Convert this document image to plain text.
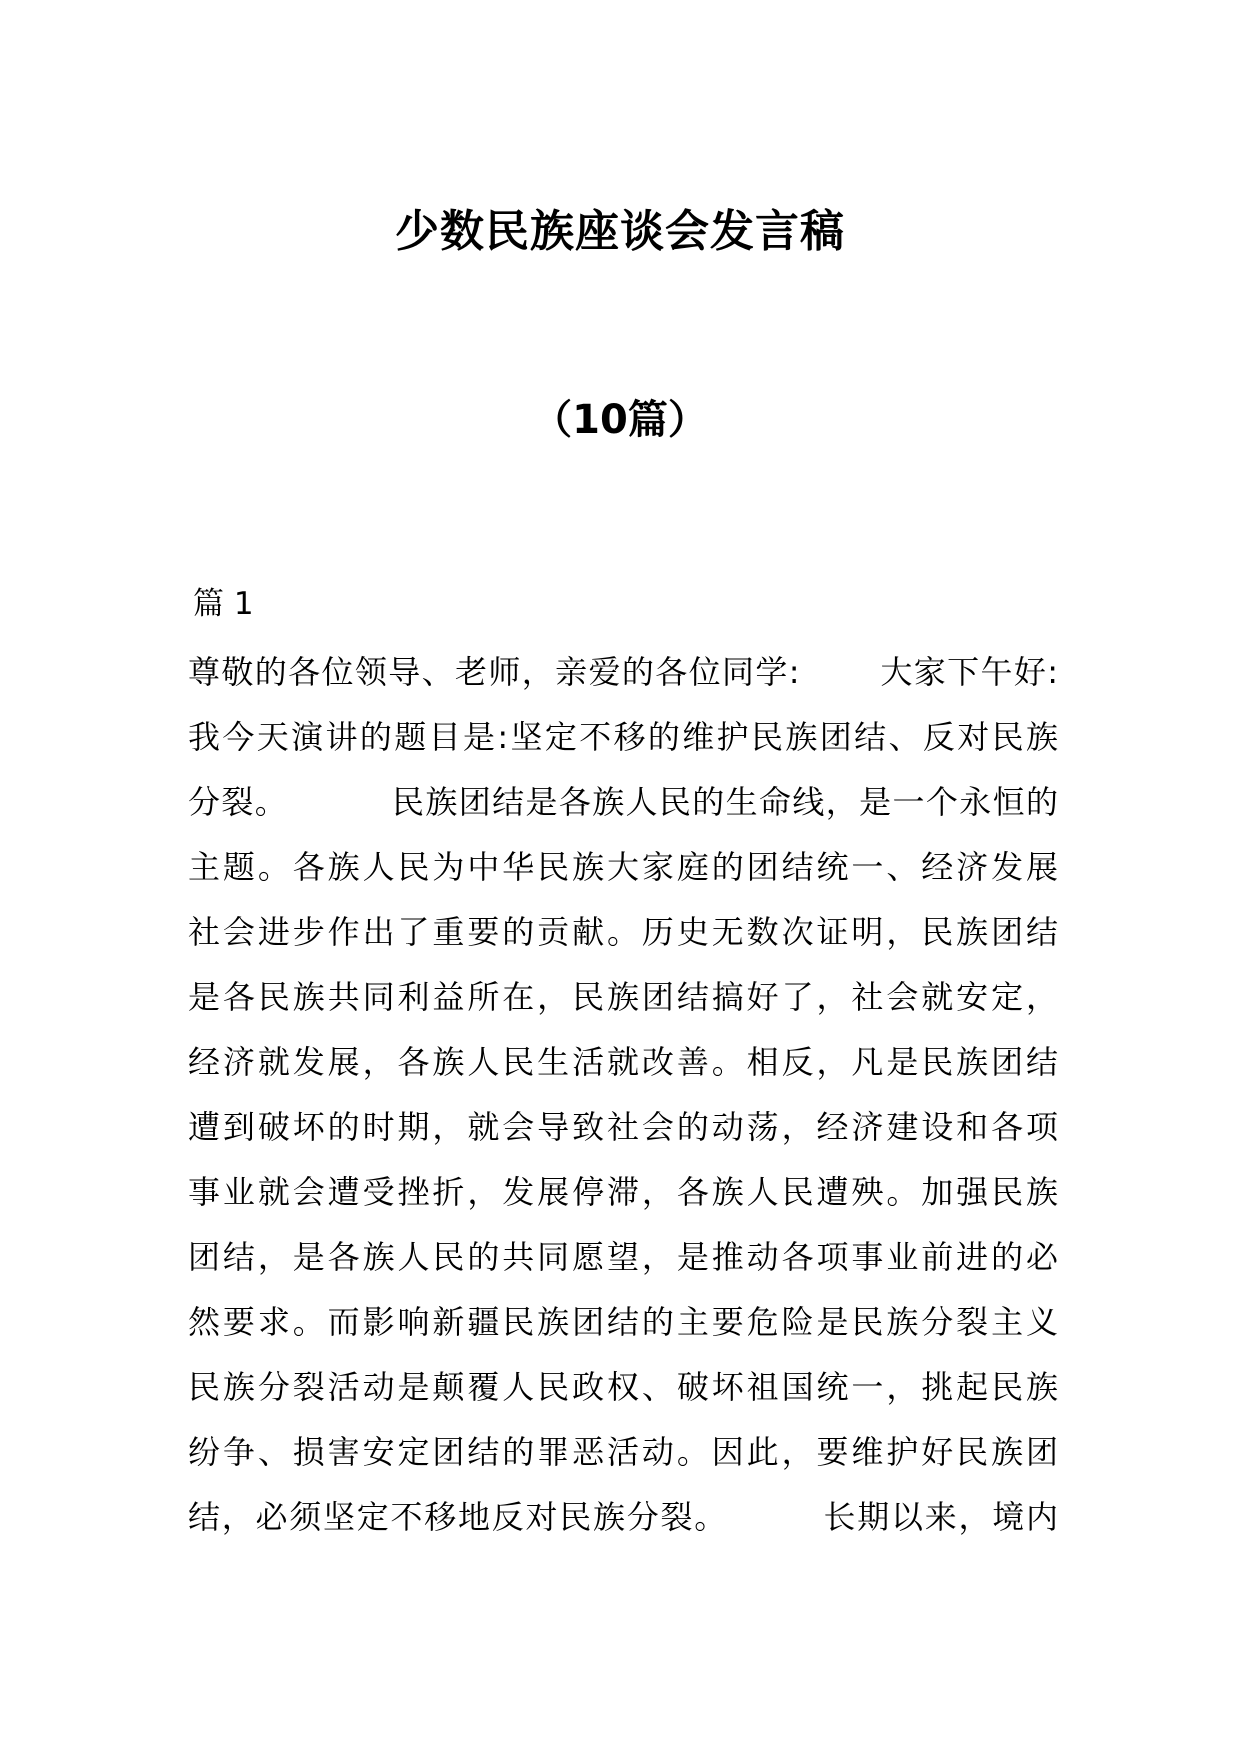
少数民族座谈会发言稿
（10篇）
篇 1
尊敬的各位领导、老师，亲爱的各位同学:       大家下午好:
我今天演讲的题目是:坚定不移的维护民族团结、反对民族
分裂。         民族团结是各族人民的生命线，是一个永恒的
主题。各族人民为中华民族大家庭的团结统一、经济发展
社会进步作出了重要的贡献。历史无数次证明，民族团结
是各民族共同利益所在，民族团结搞好了，社会就安定，
经济就发展，各族人民生活就改善。相反，凡是民族团结
遭到破坏的时期，就会导致社会的动荡，经济建设和各项
事业就会遭受挫折，发展停滞，各族人民遭殃。加强民族
团结，是各族人民的共同愿望，是推动各项事业前进的必
然要求。而影响新疆民族团结的主要危险是民族分裂主义
民族分裂活动是颠覆人民政权、破坏祖国统一，挑起民族
纷争、损害安定团结的罪恶活动。因此，要维护好民族团
结，必须坚定不移地反对民族分裂。        长期以来，境内
